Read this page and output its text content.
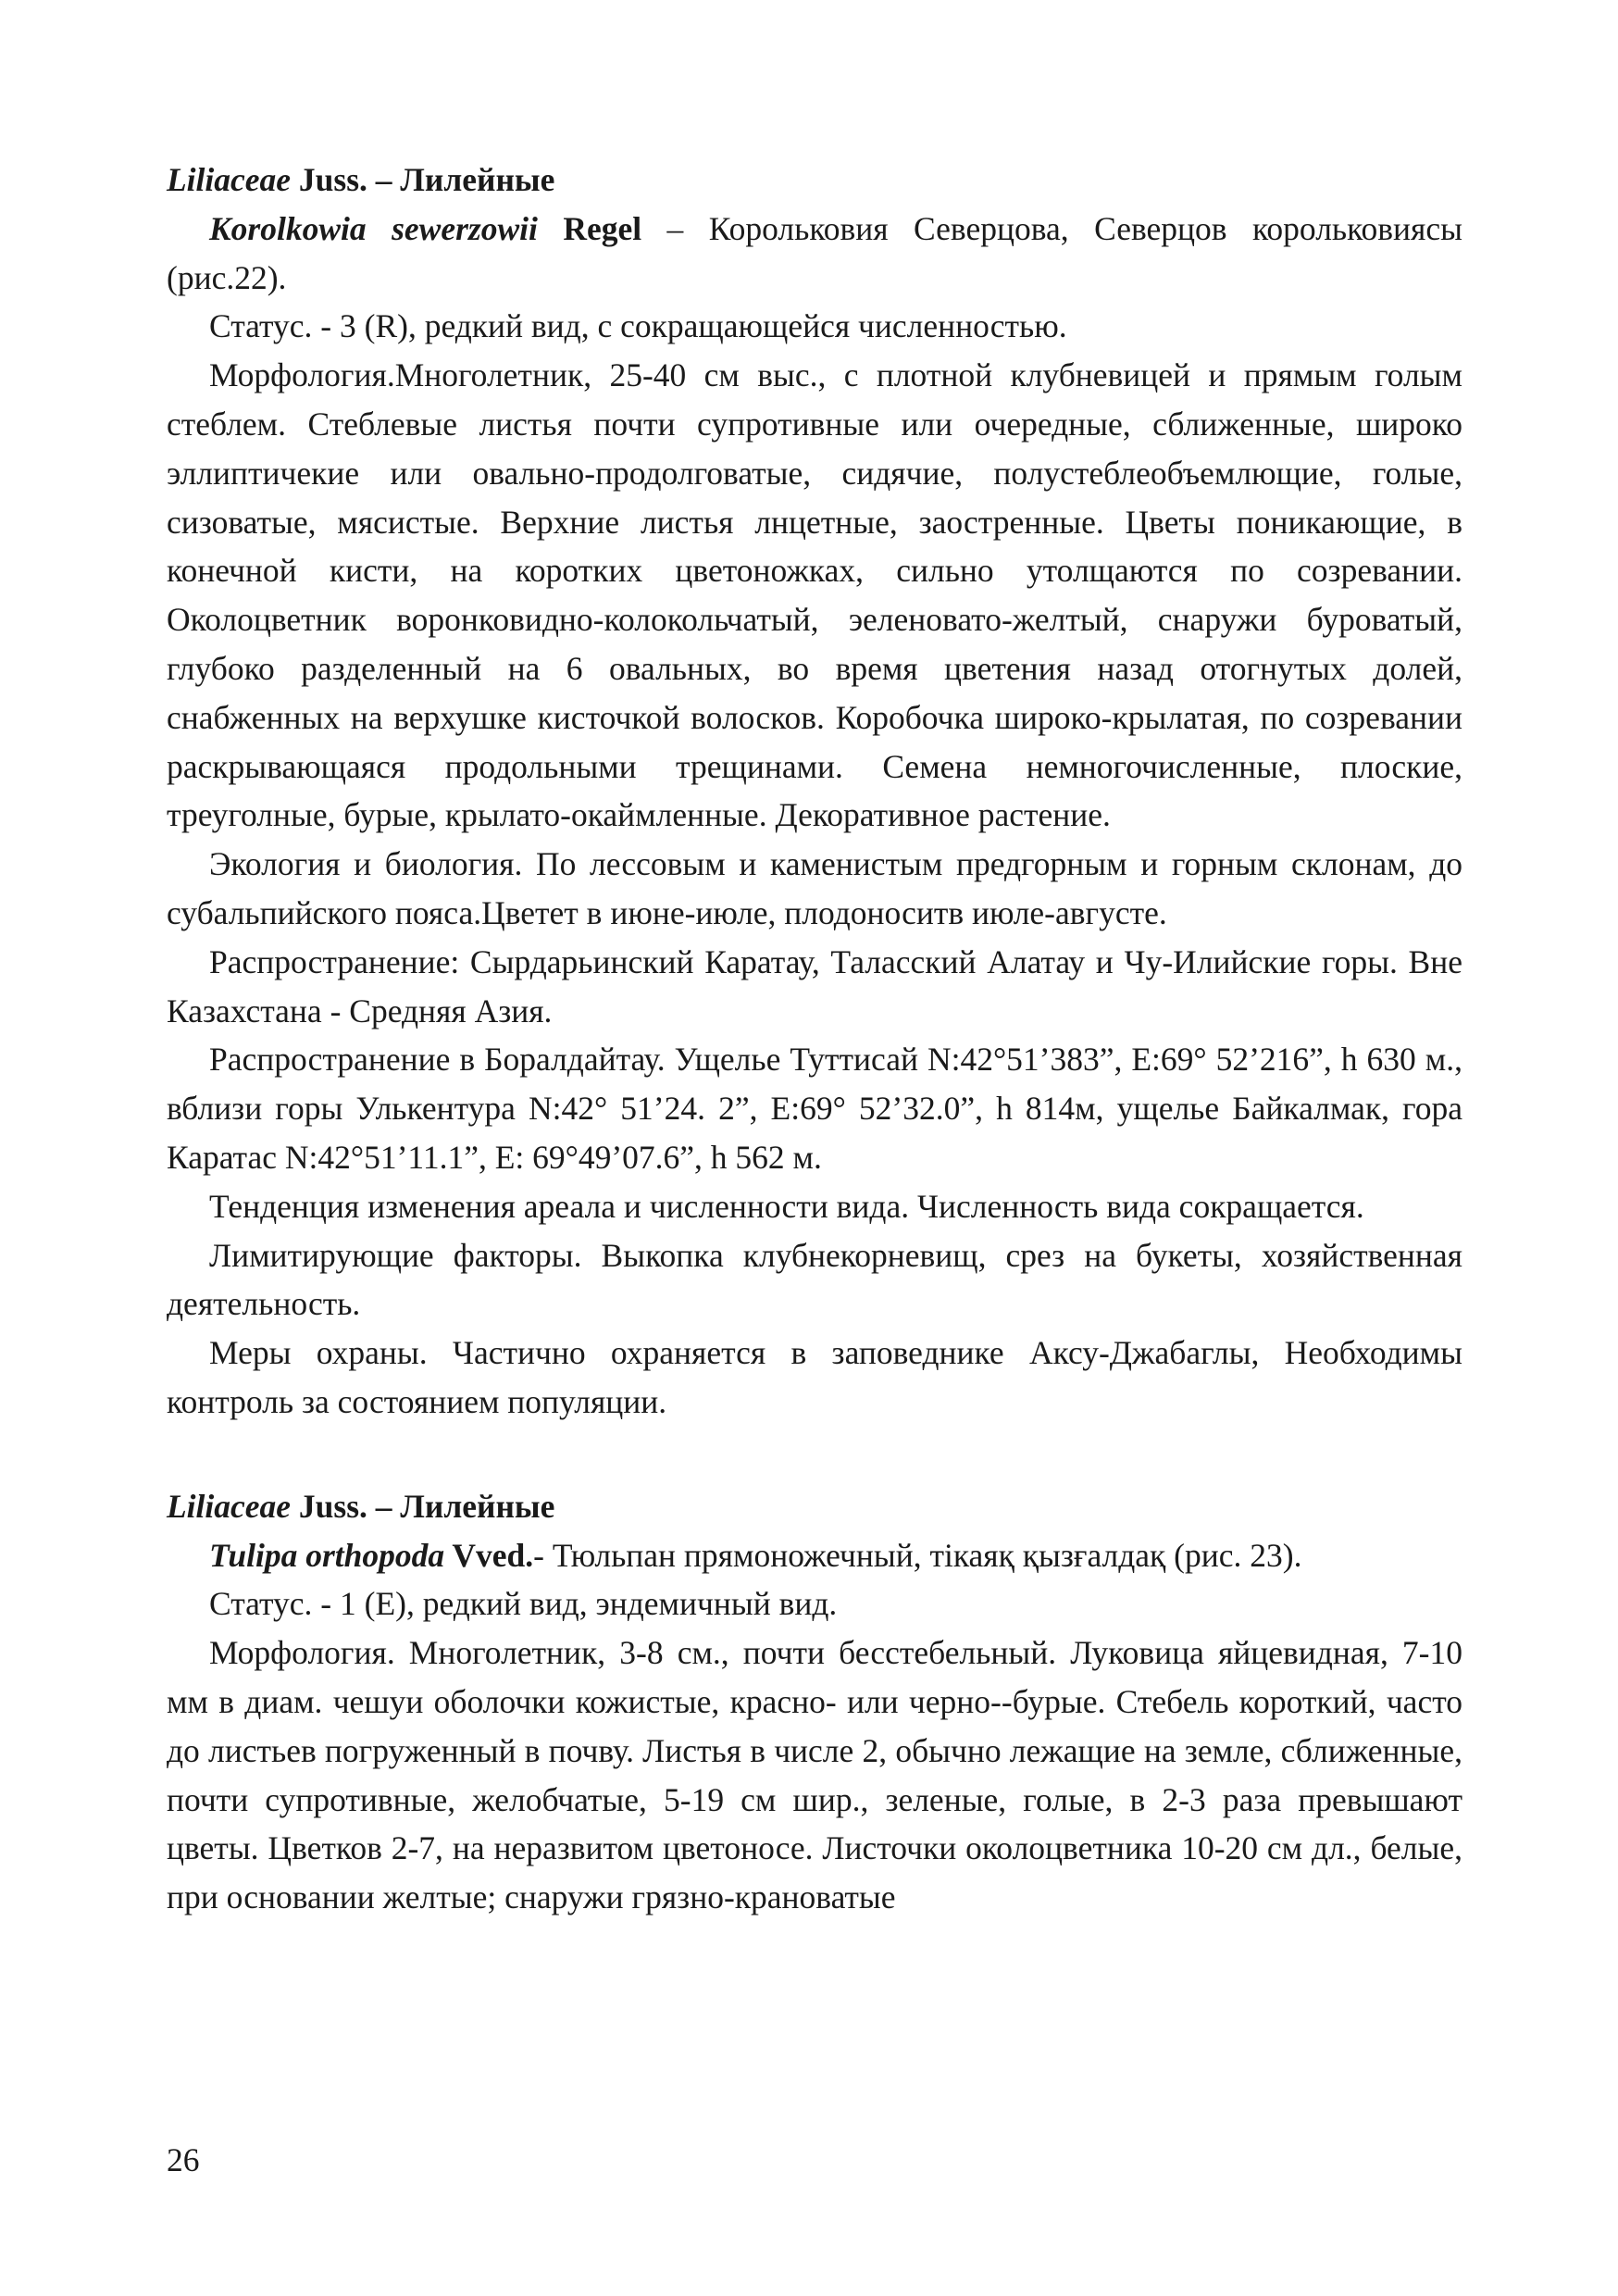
Liliaceae Juss. – Лилейные

Korolkowia sewerzowii Regel – Корольковия Северцова, Северцов корольковиясы (рис.22).

Статус. - 3 (R), редкий вид, с сокращающейся численностью.

Морфология.Многолетник, 25-40 см выс., с плотной клубневицей и прямым голым стеблем. Стеблевые листья почти супротивные или очередные, сближенные, широко эллиптичекие или овально-продолговатые, сидячие, полустеблеобъемлющие, голые, сизоватые, мясистые. Верхние листья лнцетные, заостренные. Цветы поникающие, в конечной кисти, на коротких цветоножках, сильно утолщаются по созревании. Околоцветник воронковидно-колокольчатый, эеленовато-желтый, снаружи буроватый, глубоко разделенный на 6 овальных, во время цветения назад отогнутых долей, снабженных на верхушке кисточкой волосков. Коробочка широко-крылатая, по созревании раскрывающаяся продольными трещинами. Семена немногочисленные, плоские, треуголные, бурые, крылато-окаймленные. Декоративное растение.

Экология и биология. По лессовым и каменистым предгорным и горным склонам, до субальпийского пояса.Цветет в июне-июле, плодоноситв июле-августе.

Распространение: Сырдарьинский Каратау, Таласский Алатау и Чу-Илийские горы. Вне Казахстана - Средняя Азия.

Распространение в Боралдайтау. Ущелье Туттисай N:42°51’383”, E:69° 52’216”, h 630 м., вблизи горы Улькентура N:42° 51’24. 2”, E:69° 52’32.0”, h 814м, ущелье Байкалмак, гора Каратас N:42°51’11.1”, E: 69°49’07.6”, h 562 м.

Тенденция изменения ареала и численности вида. Численность вида сокращается.

Лимитирующие факторы. Выкопка клубнекорневищ, срез на букеты, хозяйственная деятельность.

Меры охраны. Частично охраняется в заповеднике Аксу-Джабаглы, Необходимы контроль за состоянием популяции.

Liliaceae Juss. – Лилейные

Tulipa orthopoda Vved.- Тюльпан прямоножечный, тікаяқ қызғалдақ (рис. 23).

Статус. - 1 (E), редкий вид, эндемичный вид.

Морфология. Многолетник, 3-8 см., почти бесстебельный. Луковица яйцевидная, 7-10 мм в диам. чешуи оболочки кожистые, красно- или черно--бурые. Стебель короткий, часто до листьев погруженный в почву. Листья в числе 2, обычно лежащие на земле, сближенные, почти супротивные, желобчатые, 5-19 см шир., зеленые, голые, в 2-3 раза превышают цветы. Цветков 2-7, на неразвитом цветоносе. Листочки околоцветника 10-20 см дл., белые, при основании желтые; снаружи грязно-крановатые

26
